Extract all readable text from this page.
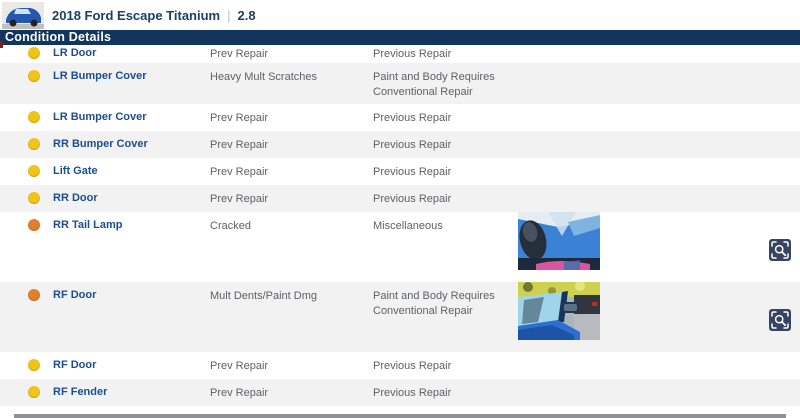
2018 Ford Escape Titanium | 2.8
Condition Details
LR Door	Prev Repair	Previous Repair
LR Bumper Cover	Heavy Mult Scratches	Paint and Body Requires Conventional Repair
LR Bumper Cover	Prev Repair	Previous Repair
RR Bumper Cover	Prev Repair	Previous Repair
Lift Gate	Prev Repair	Previous Repair
RR Door	Prev Repair	Previous Repair
RR Tail Lamp	Cracked	Miscellaneous
RF Door	Mult Dents/Paint Dmg	Paint and Body Requires Conventional Repair
RF Door	Prev Repair	Previous Repair
RF Fender	Prev Repair	Previous Repair
